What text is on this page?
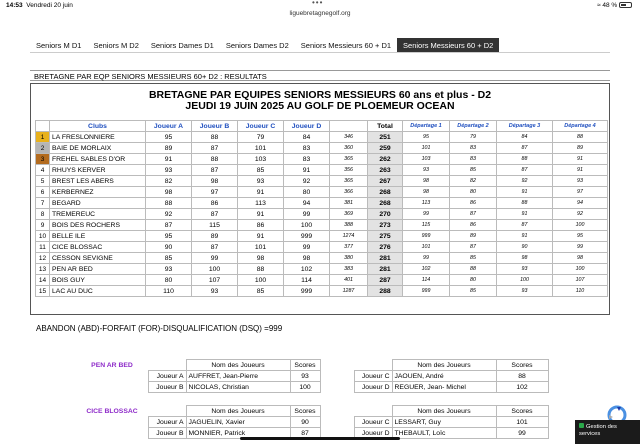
14:53 Vendredi 20 juin	•••	≈ 48 %
liguebretagnegolf.org
Seniors M D1	Seniors M D2	Seniors Dames D1	Seniors Dames D2	Seniors Messieurs 60 + D1	Seniors Messieurs 60 + D2
BRETAGNE PAR EQP SENIORS MESSIEURS 60+ D2 : RESULTATS
BRETAGNE PAR EQUIPES SENIORS MESSIEURS 60 ans et plus - D2
JEUDI 19 JUIN 2025 AU GOLF DE PLOEMEUR OCEAN
	Clubs	Joueur A	Joueur B	Joueur C	Joueur D		Total	Départage 1	Départage 2	Départage 3	Départage 4
1	LA FRESLONNIERE	95	88	79	84	346	251	95	79	84	88
2	BAIE DE MORLAIX	89	87	101	83	360	259	101	83	87	89
3	FREHEL SABLES D'OR	91	88	103	83	365	262	103	83	88	91
4	RHUYS KERVER	93	87	85	91	356	263	93	85	87	91
5	BREST LES ABERS	82	98	93	92	365	267	98	82	92	93
6	KERBERNEZ	98	97	91	80	366	268	98	80	91	97
7	BEGARD	88	86	113	94	381	268	113	86	88	94
8	TREMEREUC	92	87	91	99	369	270	99	87	91	92
9	BOIS DES ROCHERS	87	115	86	100	388	273	115	86	87	100
10	BELLE ILE	95	89	91	999	1274	275	999	89	91	95
11	CICE BLOSSAC	90	87	101	99	377	276	101	87	90	99
12	CESSON SEVIGNE	85	99	98	98	380	281	99	85	98	98
13	PEN AR BED	93	100	88	102	383	281	102	88	93	100
14	BOIS GUY	80	107	100	114	401	287	114	80	100	107
15	LAC AU DUC	110	93	85	999	1287	288	999	85	93	110
ABANDON (ABD)-FORFAIT (FOR)-DISQUALIFICATION (DSQ) =999
PEN AR BED		Nom des Joueurs	Scores			Nom des Joueurs	Scores
	Joueur A	AUFFRET, Jean-Pierre	93		Joueur C	JAOUEN, André	88
	Joueur B	NICOLAS, Christian	100		Joueur D	REGUER, Jean- Michel	102
CICE BLOSSAC		Nom des Joueurs	Scores			Nom des Joueurs	Scores
	Joueur A	JAGUELIN, Xavier	90		Joueur C	LESSART, Guy	101
	Joueur B	MONNIER, Patrick	87		Joueur D	THEBAULT, Loïc	99
Gestion des services
